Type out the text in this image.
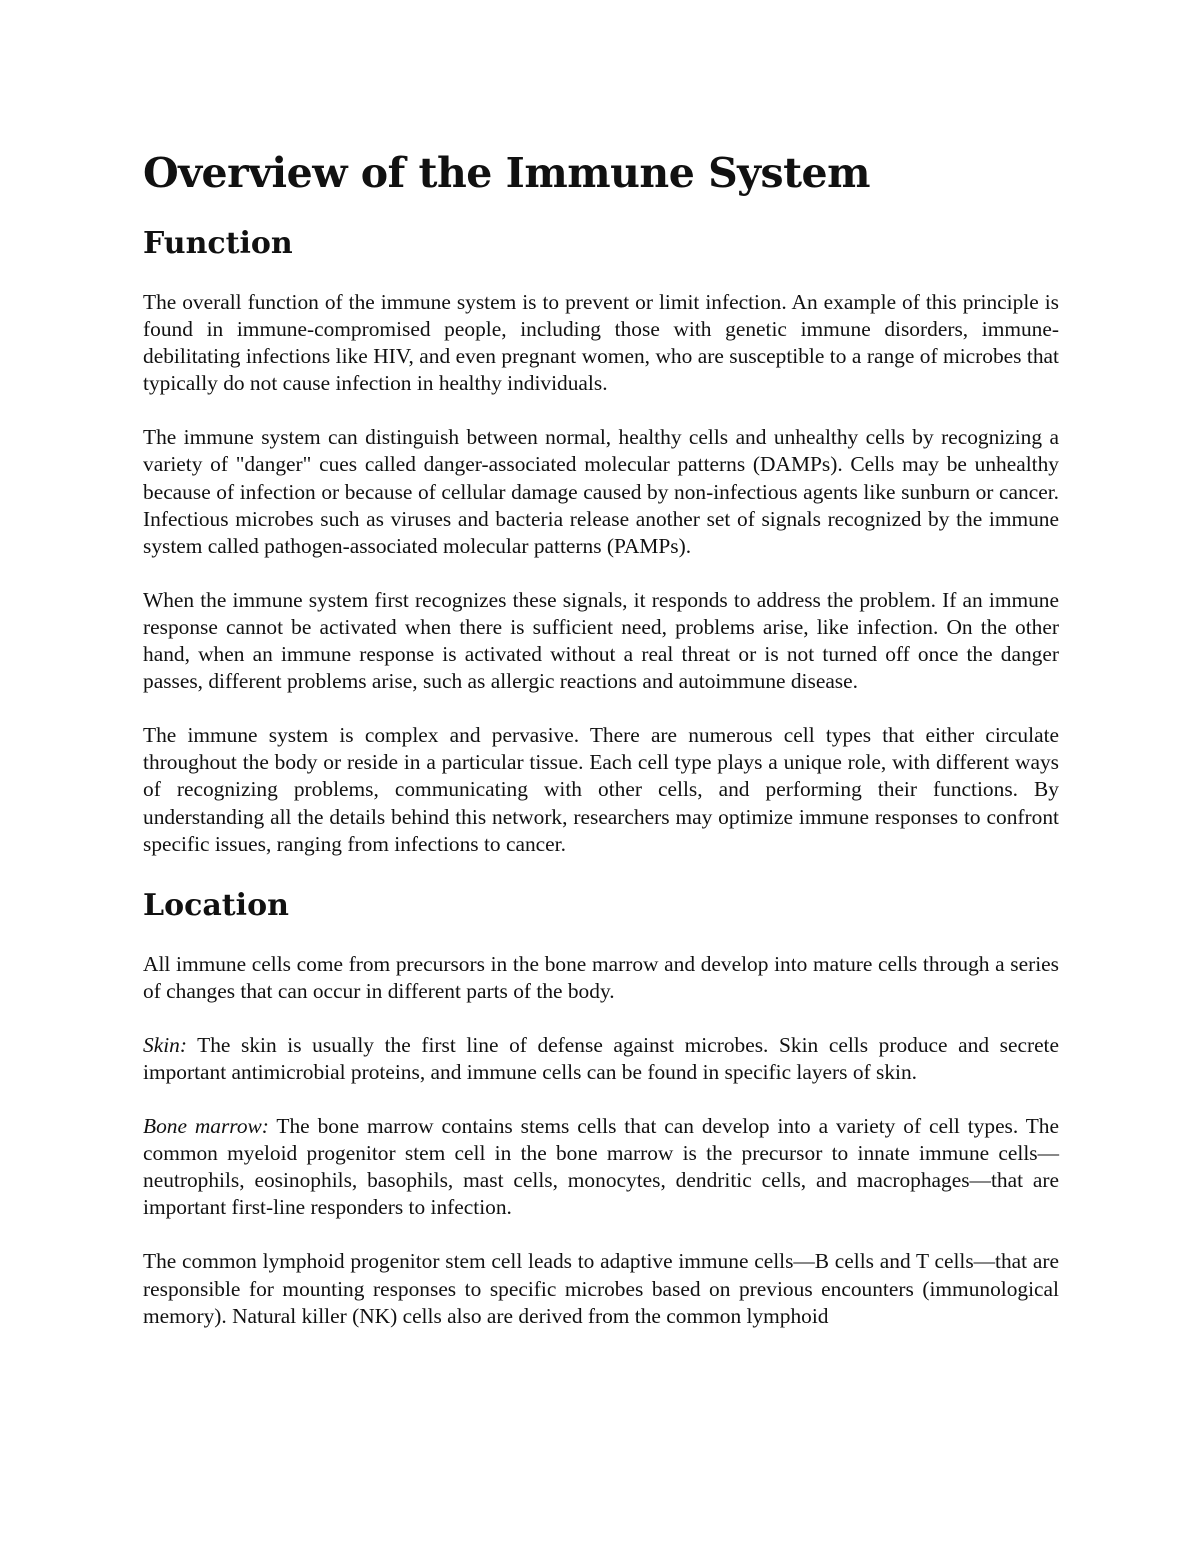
Overview of the Immune System
Function

The overall function of the immune system is to prevent or limit infection. An example of this principle is found in immune-compromised people, including those with genetic immune disorders, immune-debilitating infections like HIV, and even pregnant women, who are susceptible to a range of microbes that typically do not cause infection in healthy individuals.

The immune system can distinguish between normal, healthy cells and unhealthy cells by recognizing a variety of "danger" cues called danger-associated molecular patterns (DAMPs). Cells may be unhealthy because of infection or because of cellular damage caused by non-infectious agents like sunburn or cancer. Infectious microbes such as viruses and bacteria release another set of signals recognized by the immune system called pathogen-associated molecular patterns (PAMPs).

When the immune system first recognizes these signals, it responds to address the problem. If an immune response cannot be activated when there is sufficient need, problems arise, like infection. On the other hand, when an immune response is activated without a real threat or is not turned off once the danger passes, different problems arise, such as allergic reactions and autoimmune disease.

The immune system is complex and pervasive. There are numerous cell types that either circulate throughout the body or reside in a particular tissue. Each cell type plays a unique role, with different ways of recognizing problems, communicating with other cells, and performing their functions. By understanding all the details behind this network, researchers may optimize immune responses to confront specific issues, ranging from infections to cancer.

Location

All immune cells come from precursors in the bone marrow and develop into mature cells through a series of changes that can occur in different parts of the body.

Skin: The skin is usually the first line of defense against microbes. Skin cells produce and secrete important antimicrobial proteins, and immune cells can be found in specific layers of skin.

Bone marrow: The bone marrow contains stems cells that can develop into a variety of cell types. The common myeloid progenitor stem cell in the bone marrow is the precursor to innate immune cells—neutrophils, eosinophils, basophils, mast cells, monocytes, dendritic cells, and macrophages—that are important first-line responders to infection.

The common lymphoid progenitor stem cell leads to adaptive immune cells—B cells and T cells—that are responsible for mounting responses to specific microbes based on previous encounters (immunological memory). Natural killer (NK) cells also are derived from the common lymphoid
